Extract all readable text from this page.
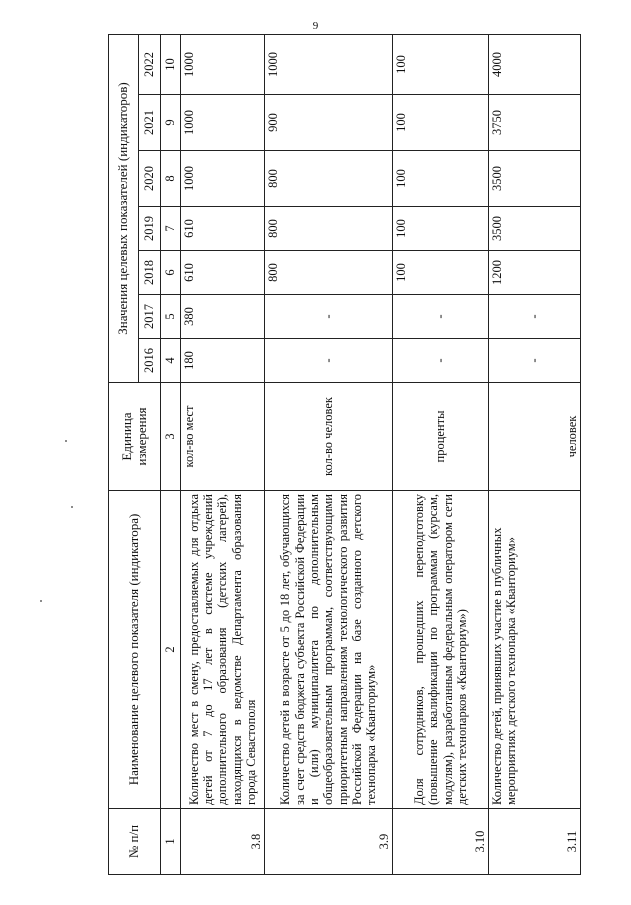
9
№ п/п	Наименование целевого показателя (индикатора)	Единица измерения	Значения целевых показателей (индикаторов)						
			2016	2017	2018	2019	2020	2021	2022
1	2	3	4	5	6	7	8	9	10
3.8	Количество мест в смену, предоставляемых для отдыха детей от 7 до 17 лет в системе учреждений дополнительного образования (детских лагерей), находящихся в ведомстве Департамента образования города Севастополя	кол-во мест	180	380	610	610	1000	1000	1000
3.9	Количество детей в возрасте от 5 до 18 лет, обучающихся за счет средств бюджета субъекта Российской Федерации и (или) муниципалитета по дополнительным общеобразовательным программам, соответствующими приоритетным направлениям технологического развития Российской Федерации на базе созданного детского технопарка «Кванториум»	кол-во человек	-	-	800	800	800	900	1000
3.10	Доля сотрудников, прошедших переподготовку (повышение квалификации по программам (курсам, модулям), разработанным федеральным оператором сети детских технопарков «Кванториум»)	проценты	-	-	100	100	100	100	100
3.11	Количество детей, принявших участие в публичных мероприятиях детского технопарка «Кванториум»	человек	-	-	1200	3500	3500	3750	4000
